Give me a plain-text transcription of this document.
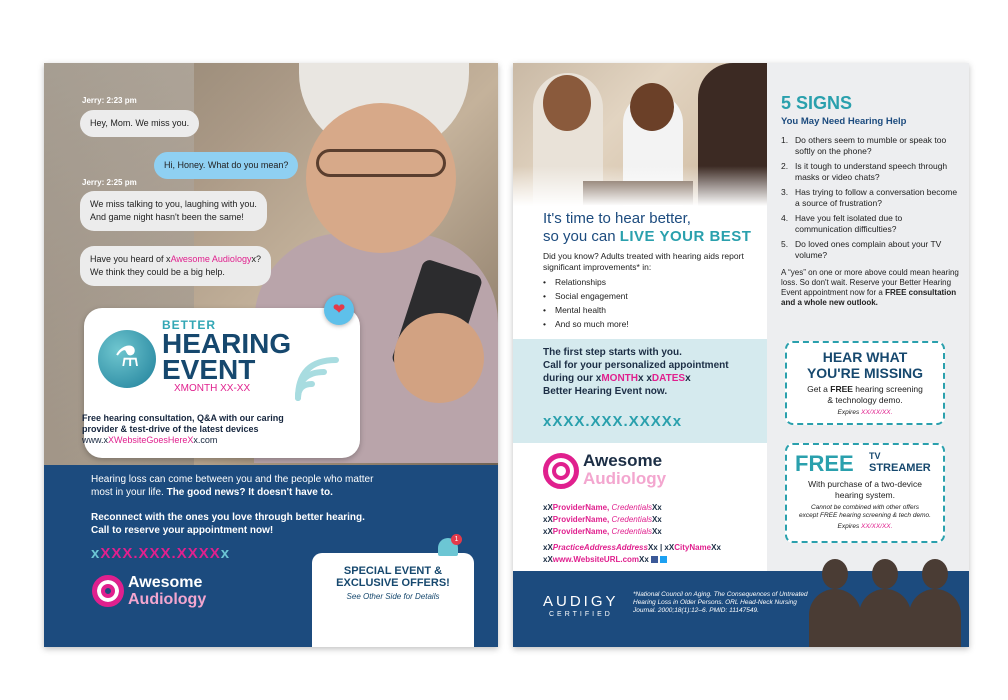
Jerry: 2:23 pm
Hey, Mom. We miss you.
Hi, Honey. What do you mean?
Jerry: 2:25 pm
We miss talking to you, laughing with you.
And game night hasn't been the same!
Have you heard of xAwesome Audiologyx?
We think they could be a big help.
⚗
BETTER
HEARING
EVENT
XMONTH XX-XX
❤
Free hearing consultation, Q&A with our caring
provider & test-drive of the latest devices
www.xXWebsiteGoesHereXx.com
Hearing loss can come between you and the people who matter
most in your life. The good news? It doesn't have to.
Reconnect with the ones you love through better hearing.
Call to reserve your appointment now!
xXXX.XXX.XXXXx
Awesome
Audiology
SPECIAL EVENT &
EXCLUSIVE OFFERS!
See Other Side for Details
1
It's time to hear better,
so you can LIVE YOUR BEST
Did you know? Adults treated with hearing aids report significant improvements* in:
• Relationships
• Social engagement
• Mental health
• And so much more!
The first step starts with you.
Call for your personalized appointment
during our xMONTHx xDATESx
Better Hearing Event now.
xXXX.XXX.XXXXx
Awesome
Audiology
xXProviderName, CredentialsXx
xXProviderName, CredentialsXx
xXProviderName, CredentialsXx
xXPracticeAddressAddressXx | xXCityNameXx
xXwww.WebsiteURL.comXx
5 SIGNS
You May Need Hearing Help
1. Do others seem to mumble or speak too softly on the phone?
2. Is it tough to understand speech through masks or video chats?
3. Has trying to follow a conversation become a source of frustration?
4. Have you felt isolated due to communication difficulties?
5. Do loved ones complain about your TV volume?
A “yes” on one or more above could mean hearing loss. So don't wait. Reserve your Better Hearing Event appointment now for a FREE consultation and a whole new outlook.
HEAR WHAT
YOU'RE MISSING
Get a FREE hearing screening
& technology demo.
Expires XX/XX/XX.
FREE TV
STREAMER
With purchase of a two-device
hearing system.
Cannot be combined with other offers
except FREE hearing screening & tech demo.
Expires XX/XX/XX.
AUDIGY
CERTIFIED
*National Council on Aging. The Consequences of Untreated Hearing Loss in Older Persons. ORL Head-Neck Nursing Journal. 2000;18(1):12–6. PMID: 11147549.
